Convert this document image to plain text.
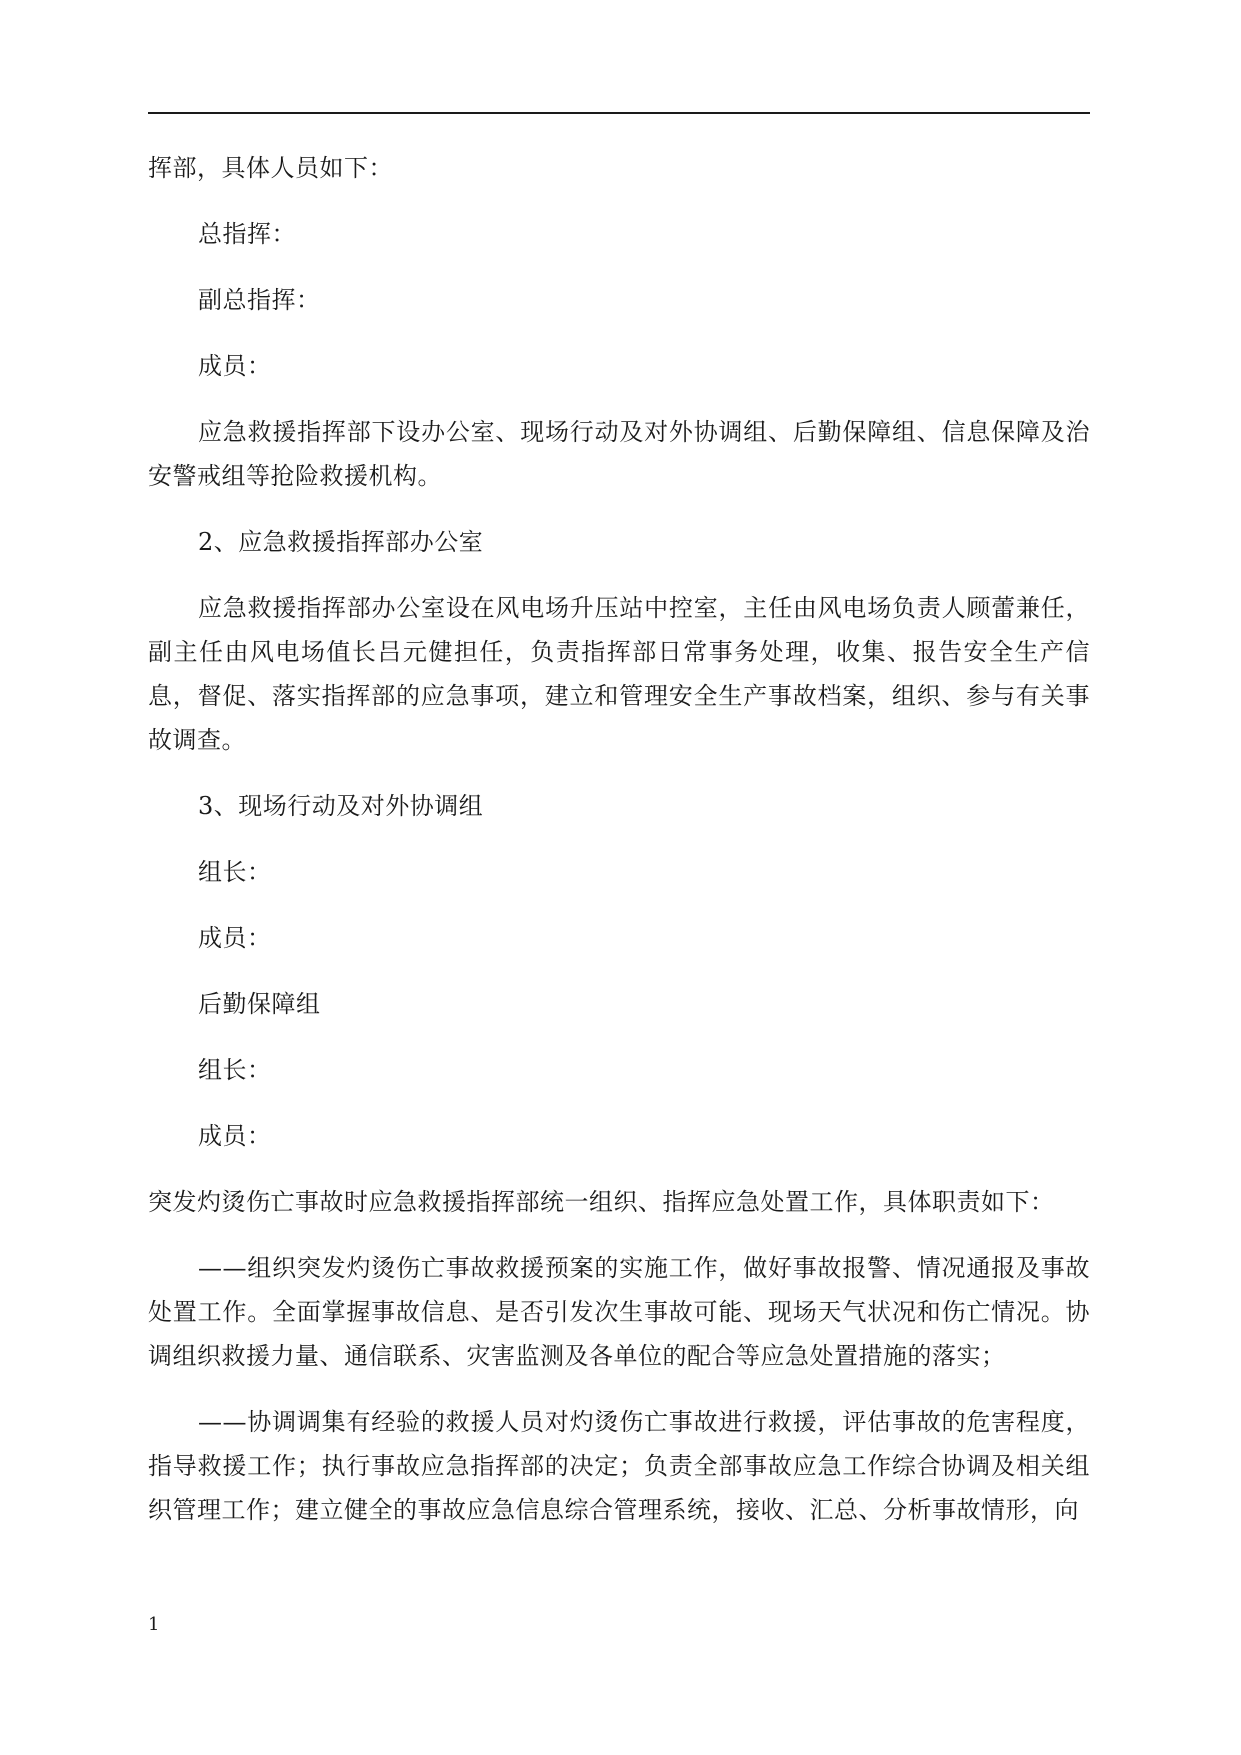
挥部，具体人员如下：

总指挥：

副总指挥：

成员：

应急救援指挥部下设办公室、现场行动及对外协调组、后勤保障组、信息保障及治安警戒组等抢险救援机构。

2、应急救援指挥部办公室

应急救援指挥部办公室设在风电场升压站中控室，主任由风电场负责人顾蕾兼任，副主任由风电场值长吕元健担任，负责指挥部日常事务处理，收集、报告安全生产信息，督促、落实指挥部的应急事项，建立和管理安全生产事故档案，组织、参与有关事故调查。

3、现场行动及对外协调组

组长：

成员：

后勤保障组

组长：

成员：

突发灼烫伤亡事故时应急救援指挥部统一组织、指挥应急处置工作，具体职责如下：

——组织突发灼烫伤亡事故救援预案的实施工作，做好事故报警、情况通报及事故处置工作。全面掌握事故信息、是否引发次生事故可能、现场天气状况和伤亡情况。协调组织救援力量、通信联系、灾害监测及各单位的配合等应急处置措施的落实；

——协调调集有经验的救援人员对灼烫伤亡事故进行救援，评估事故的危害程度，指导救援工作；执行事故应急指挥部的决定；负责全部事故应急工作综合协调及相关组织管理工作；建立健全的事故应急信息综合管理系统，接收、汇总、分析事故情形，向

1
